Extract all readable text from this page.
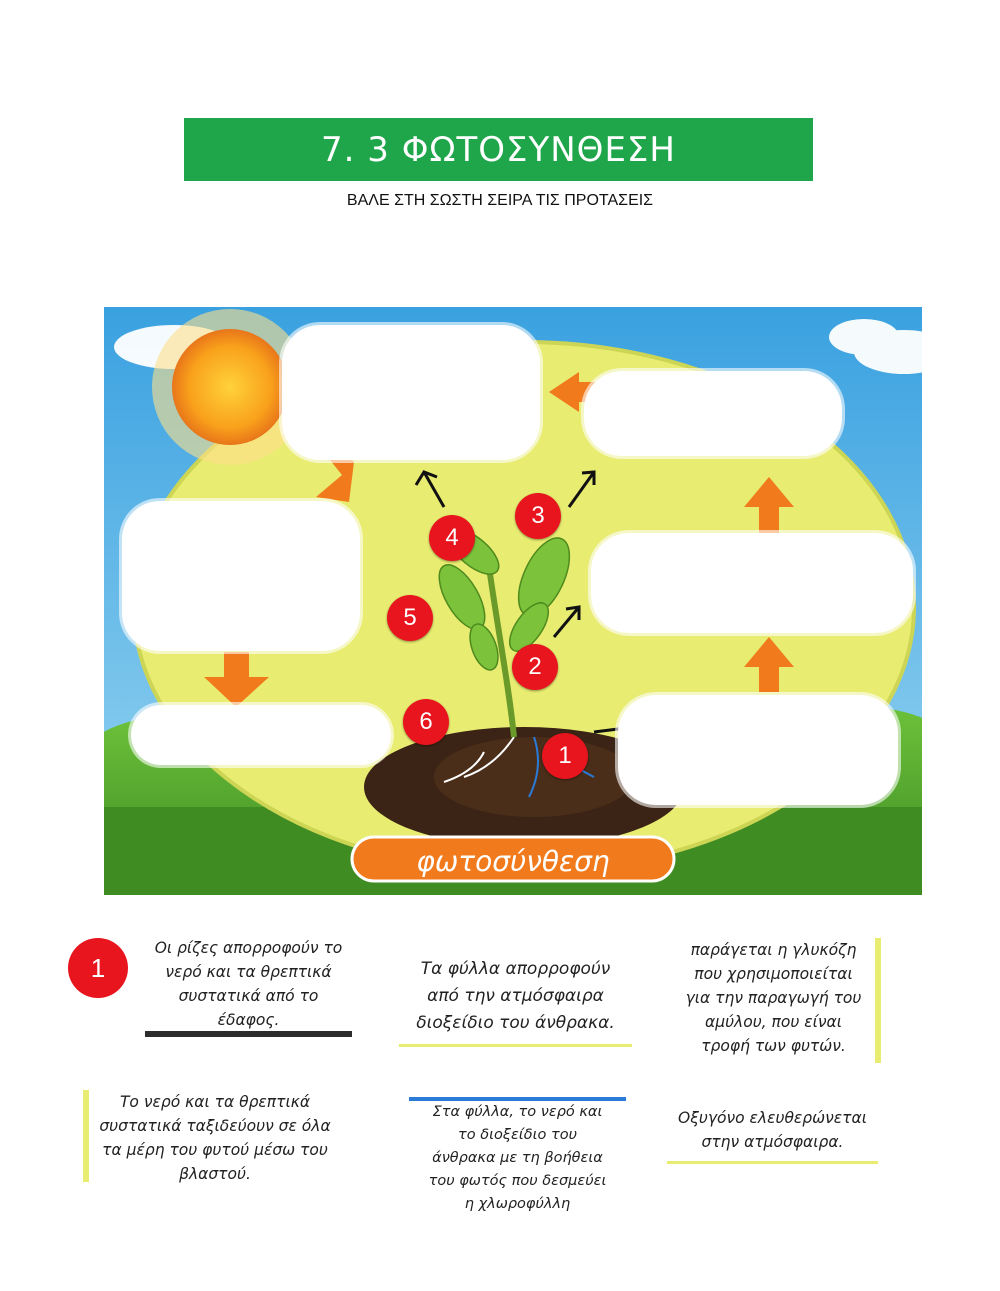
7. 3 ΦΩΤΟΣΥΝΘΕΣΗ
ΒΑΛΕ ΣΤΗ ΣΩΣΤΗ ΣΕΙΡΑ ΤΙΣ ΠΡΟΤΑΣΕΙΣ
φωτοσύνθεση
1
2
3
4
5
6
1
Οι ρίζες απορροφούν το
νερό και τα θρεπτικά
συστατικά από το
έδαφος.
Τα φύλλα απορροφούν
από την ατμόσφαιρα
διοξείδιο του άνθρακα.
παράγεται η γλυκόζη
που χρησιμοποιείται
για την παραγωγή του
αμύλου, που είναι
τροφή των φυτών.
Το νερό και τα θρεπτικά
συστατικά ταξιδεύουν σε όλα
τα μέρη του φυτού μέσω του
βλαστού.
Στα φύλλα, το νερό και
το διοξείδιο του
άνθρακα με τη βοήθεια
του φωτός που δεσμεύει
η χλωροφύλλη
Οξυγόνο ελευθερώνεται
στην ατμόσφαιρα.
